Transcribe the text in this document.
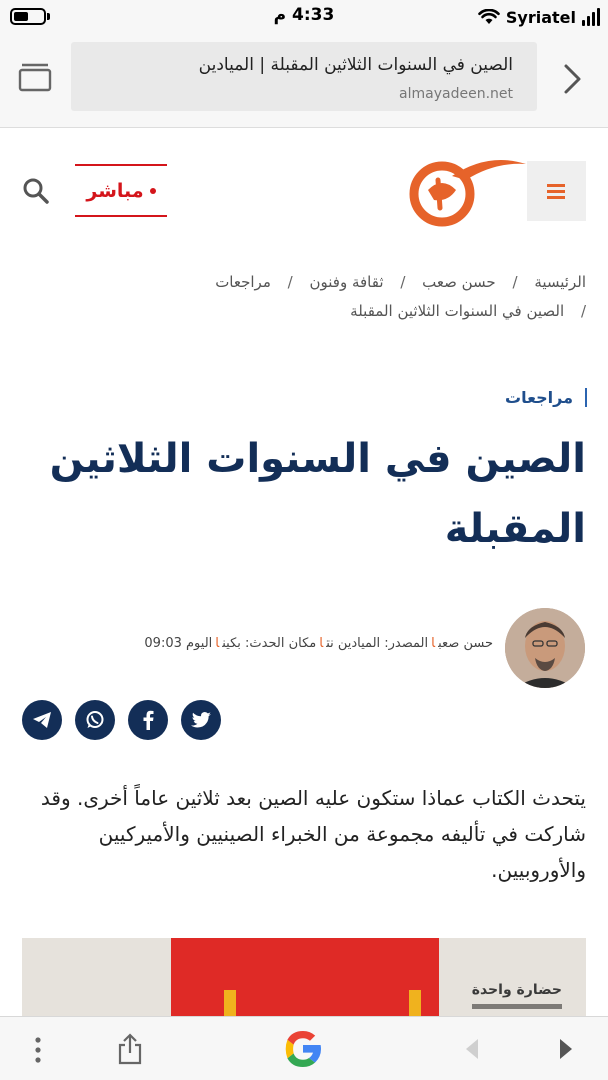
4:33 م	Syriatel
الصين في السنوات الثلاثين المقبلة | الميادين
almayadeen.net
مباشر
الرئيسية / حسن صعب / ثقافة وفنون / مراجعات
/ الصين في السنوات الثلاثين المقبلة
مراجعات
الصين في السنوات الثلاثين المقبلة
حسن صعباالمصدر: الميادين نتامكان الحدث: بكينااليوم 09:03

يتحدث الكتاب عماذا ستكون عليه الصين بعد ثلاثين عاماً أخرى. وقد شاركت في تأليفه مجموعة من الخبراء الصينيين والأميركيين والأوروبيين.

حضارة واحدة
